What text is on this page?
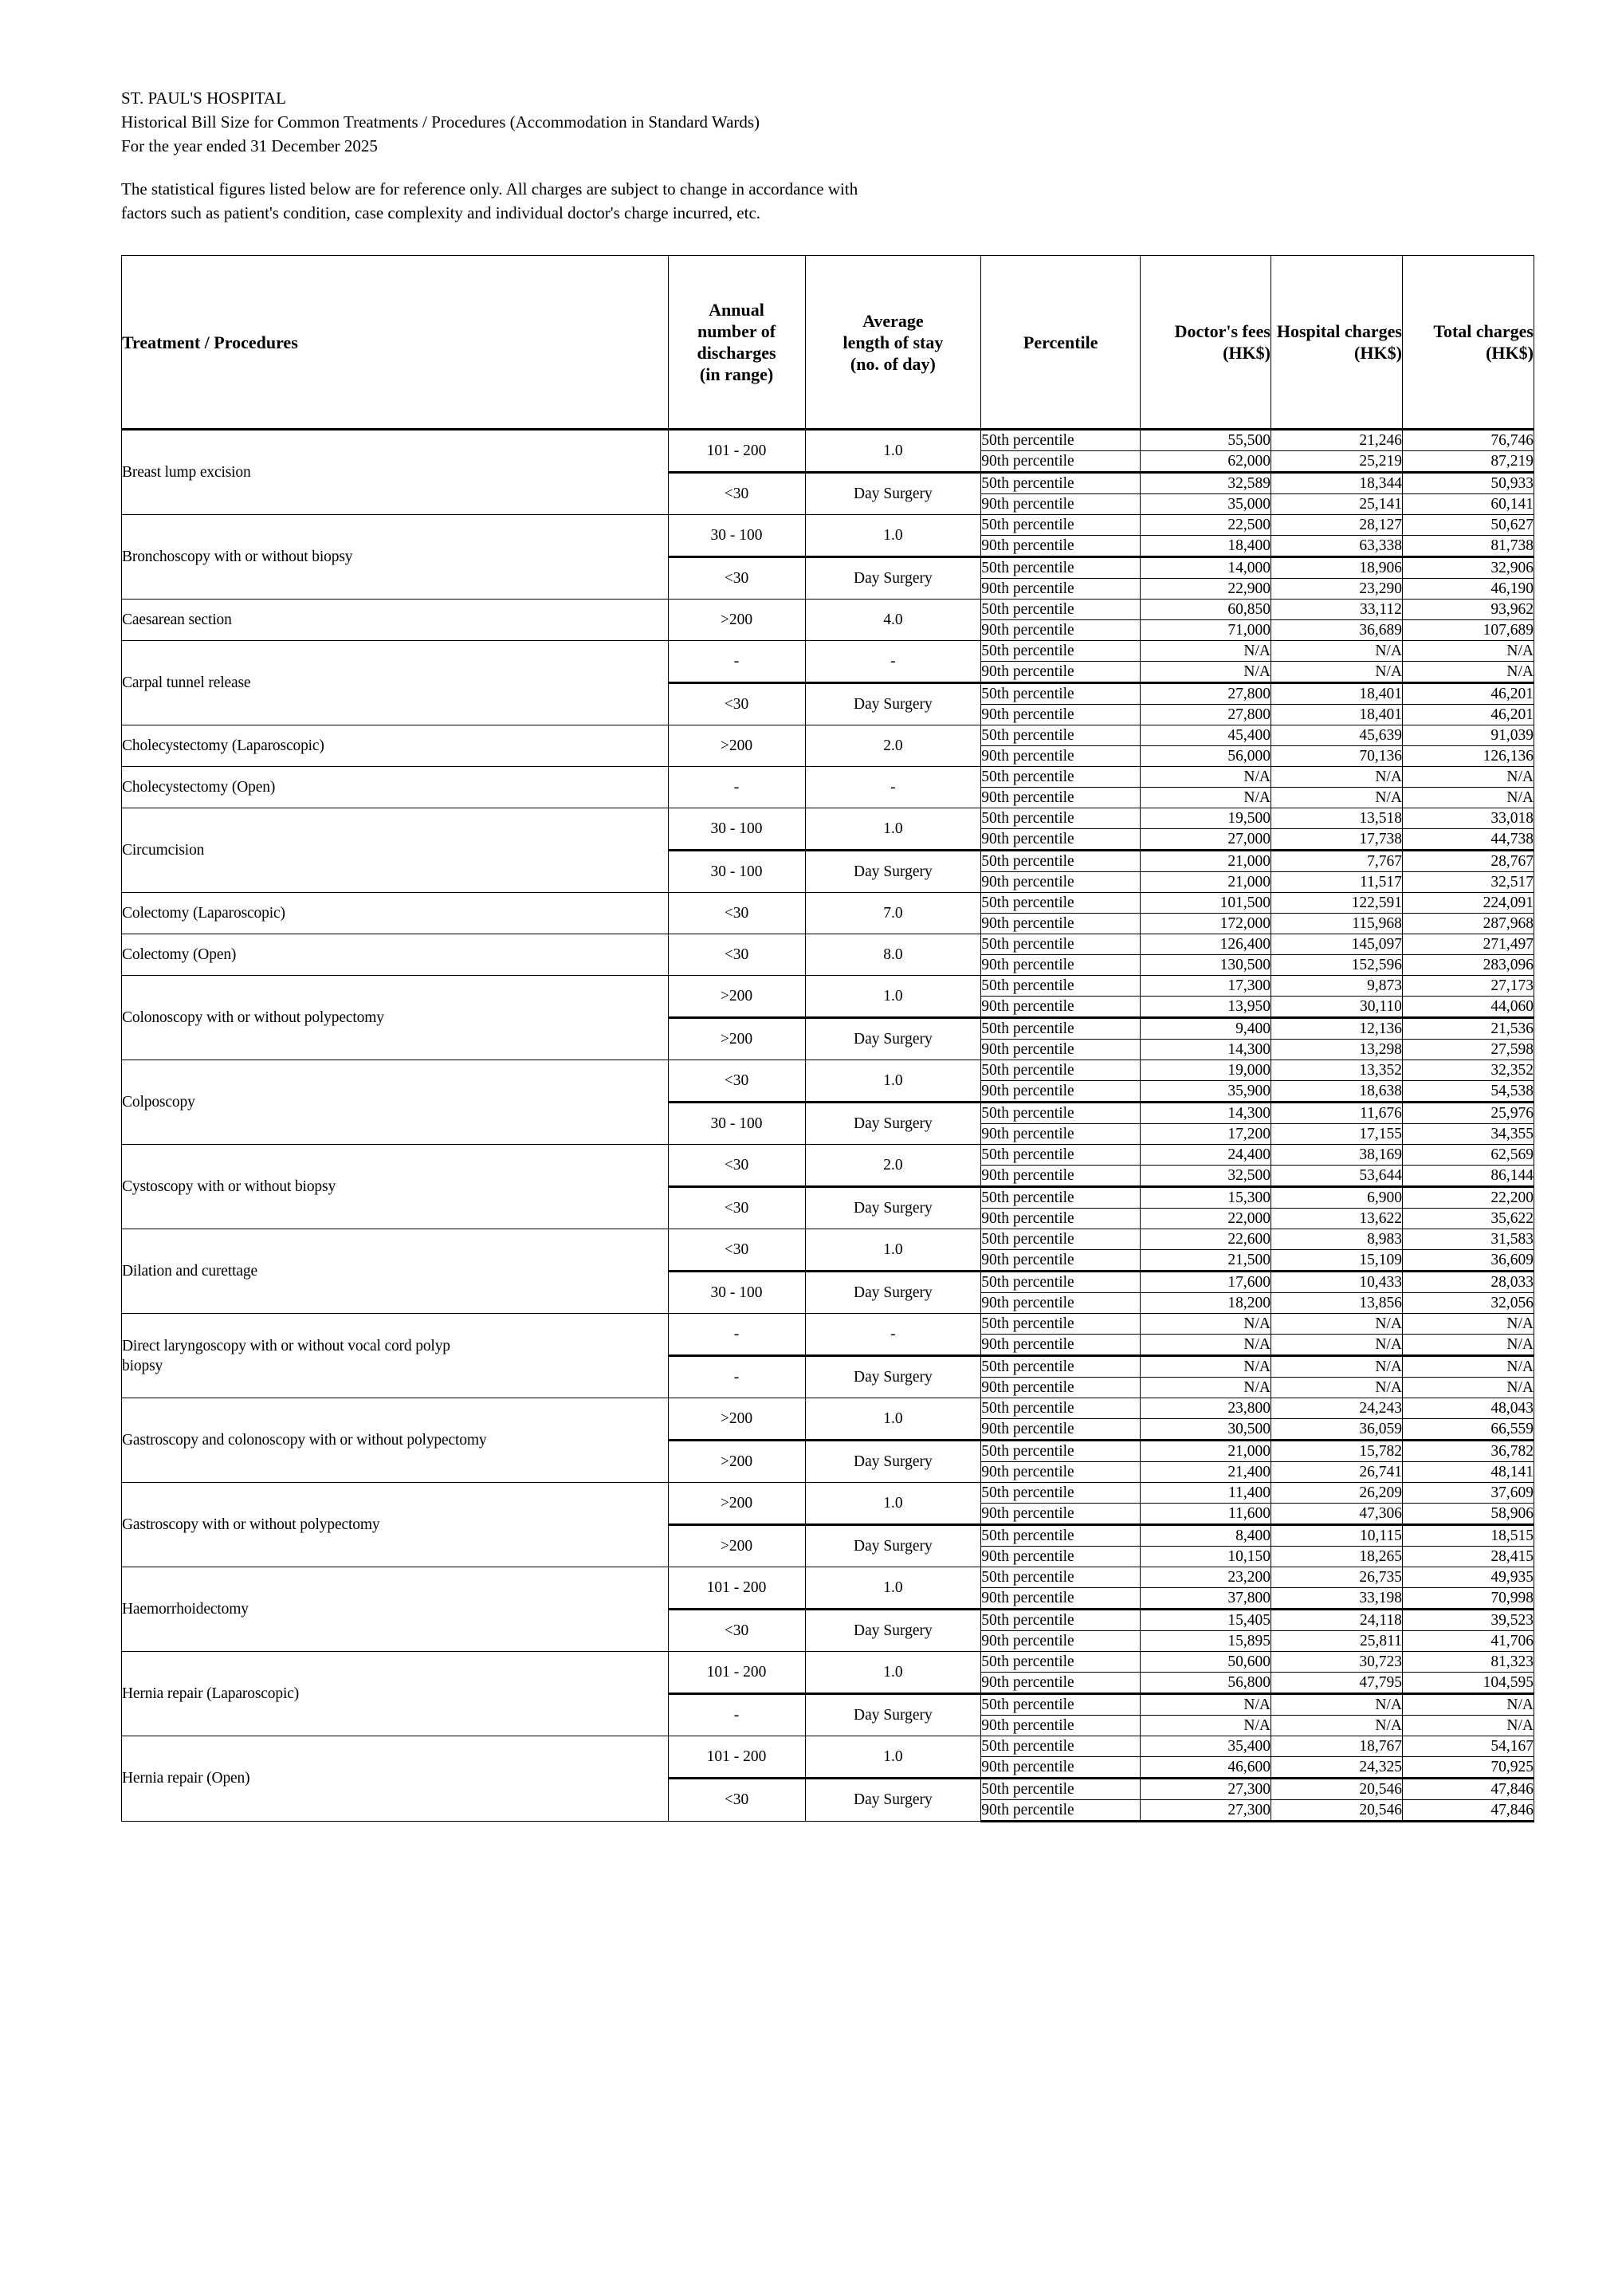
ST. PAUL'S HOSPITAL
Historical Bill Size for Common Treatments / Procedures (Accommodation in Standard Wards)
For the year ended 31 December 2025
The statistical figures listed below are for reference only. All charges are subject to change in accordance with
factors such as patient's condition, case complexity and individual doctor's charge incurred, etc.
Treatment / Procedures	Annual
number of
discharges
(in range)	Average
length of stay
(no. of day)	Percentile	Doctor's fees
(HK$)	Hospital charges
(HK$)	Total charges
(HK$)
Breast lump excision	101 - 200	1.0	50th percentile	55,500	21,246	76,746
			90th percentile	62,000	25,219	87,219
	<30	Day Surgery	50th percentile	32,589	18,344	50,933
			90th percentile	35,000	25,141	60,141
Bronchoscopy with or without biopsy	30 - 100	1.0	50th percentile	22,500	28,127	50,627
			90th percentile	18,400	63,338	81,738
	<30	Day Surgery	50th percentile	14,000	18,906	32,906
			90th percentile	22,900	23,290	46,190
Caesarean section	>200	4.0	50th percentile	60,850	33,112	93,962
			90th percentile	71,000	36,689	107,689
Carpal tunnel release	-	-	50th percentile	N/A	N/A	N/A
			90th percentile	N/A	N/A	N/A
	<30	Day Surgery	50th percentile	27,800	18,401	46,201
			90th percentile	27,800	18,401	46,201
Cholecystectomy (Laparoscopic)	>200	2.0	50th percentile	45,400	45,639	91,039
			90th percentile	56,000	70,136	126,136
Cholecystectomy (Open)	-	-	50th percentile	N/A	N/A	N/A
			90th percentile	N/A	N/A	N/A
Circumcision	30 - 100	1.0	50th percentile	19,500	13,518	33,018
			90th percentile	27,000	17,738	44,738
	30 - 100	Day Surgery	50th percentile	21,000	7,767	28,767
			90th percentile	21,000	11,517	32,517
Colectomy (Laparoscopic)	<30	7.0	50th percentile	101,500	122,591	224,091
			90th percentile	172,000	115,968	287,968
Colectomy (Open)	<30	8.0	50th percentile	126,400	145,097	271,497
			90th percentile	130,500	152,596	283,096
Colonoscopy with or without polypectomy	>200	1.0	50th percentile	17,300	9,873	27,173
			90th percentile	13,950	30,110	44,060
	>200	Day Surgery	50th percentile	9,400	12,136	21,536
			90th percentile	14,300	13,298	27,598
Colposcopy	<30	1.0	50th percentile	19,000	13,352	32,352
			90th percentile	35,900	18,638	54,538
	30 - 100	Day Surgery	50th percentile	14,300	11,676	25,976
			90th percentile	17,200	17,155	34,355
Cystoscopy with or without biopsy	<30	2.0	50th percentile	24,400	38,169	62,569
			90th percentile	32,500	53,644	86,144
	<30	Day Surgery	50th percentile	15,300	6,900	22,200
			90th percentile	22,000	13,622	35,622
Dilation and curettage	<30	1.0	50th percentile	22,600	8,983	31,583
			90th percentile	21,500	15,109	36,609
	30 - 100	Day Surgery	50th percentile	17,600	10,433	28,033
			90th percentile	18,200	13,856	32,056

Direct laryngoscopy with or without vocal cord polyp
biopsy	-	-	50th percentile	N/A	N/A	N/A
			90th percentile	N/A	N/A	N/A
	-	Day Surgery	50th percentile	N/A	N/A	N/A
			90th percentile	N/A	N/A	N/A
Gastroscopy and colonoscopy with or without polypectomy	>200	1.0	50th percentile	23,800	24,243	48,043
			90th percentile	30,500	36,059	66,559
	>200	Day Surgery	50th percentile	21,000	15,782	36,782
			90th percentile	21,400	26,741	48,141
Gastroscopy with or without polypectomy	>200	1.0	50th percentile	11,400	26,209	37,609
			90th percentile	11,600	47,306	58,906
	>200	Day Surgery	50th percentile	8,400	10,115	18,515
			90th percentile	10,150	18,265	28,415
Haemorrhoidectomy	101 - 200	1.0	50th percentile	23,200	26,735	49,935
			90th percentile	37,800	33,198	70,998
	<30	Day Surgery	50th percentile	15,405	24,118	39,523
			90th percentile	15,895	25,811	41,706
Hernia repair (Laparoscopic)	101 - 200	1.0	50th percentile	50,600	30,723	81,323
			90th percentile	56,800	47,795	104,595
	-	Day Surgery	50th percentile	N/A	N/A	N/A
			90th percentile	N/A	N/A	N/A
Hernia repair (Open)	101 - 200	1.0	50th percentile	35,400	18,767	54,167
			90th percentile	46,600	24,325	70,925
	<30	Day Surgery	50th percentile	27,300	20,546	47,846
			90th percentile	27,300	20,546	47,846
